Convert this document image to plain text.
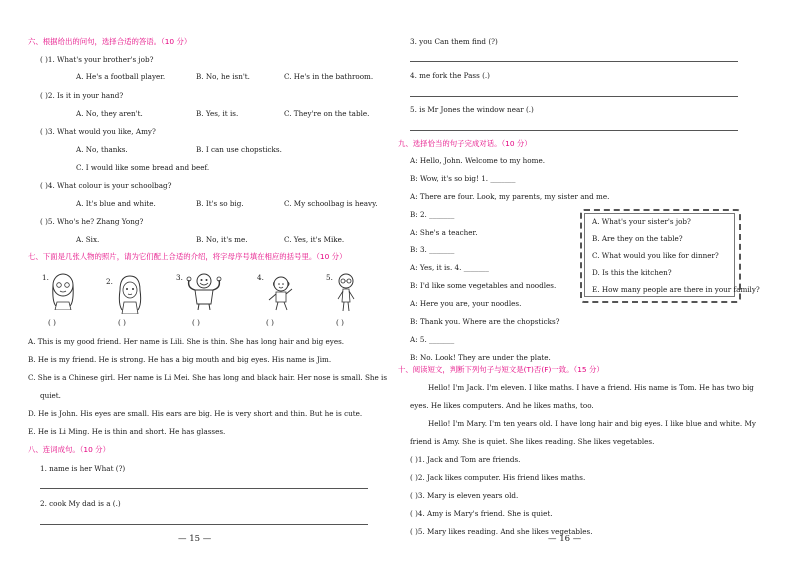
六、根据给出的问句，选择合适的答语。（10 分）
( )1. What's your brother's job?
A. He's a football player.	B. No, he isn't.	C. He's in the bathroom.
( )2. Is it in your hand?
A. No, they aren't.	B. Yes, it is.	C. They're on the table.
( )3. What would you like, Amy?
A. No, thanks.	B. I can use chopsticks.
C. I would like some bread and beef.
( )4. What colour is your schoolbag?
A. It's blue and white.	B. It's so big.	C. My schoolbag is heavy.
( )5. Who's he? Zhang Yong?
A. Six.	B. No, it's me.	C. Yes, it's Mike.
七、下面是几张人物的照片，请为它们配上合适的介绍，将字母序号填在相应的括号里。（10 分）
1.	2.	3.	4.	5.
( )	( )	( )	( )	( )
A. This is my good friend. Her name is Lili. She is thin. She has long hair and big eyes.
B. He is my friend. He is strong. He has a big mouth and big eyes. His name is Jim.
C. She is a Chinese girl. Her name is Li Mei. She has long and black hair. Her nose is small. She is
quiet.
D. He is John. His eyes are small. His ears are big. He is very short and thin. But he is cute.
E. He is Li Ming. He is thin and short. He has glasses.
八、连词成句。（10 分）
1. name is her What (?)
2. cook My dad is a (.)
— 15 —
3. you Can them find (?)
4. me fork the Pass (.)
5. is Mr Jones the window near (.)
九、选择恰当的句子完成对话。（10 分）
A: Hello, John. Welcome to my home.
B: Wow, it's so big! 1. _______
A: There are four. Look, my parents, my sister and me.
B: 2. _______
A: She's a teacher.
B: 3. _______
A: Yes, it is. 4. _______
B: I'd like some vegetables and noodles.
A: Here you are, your noodles.
B: Thank you. Where are the chopsticks?
A: 5. _______
B: No. Look! They are under the plate.
A. What's your sister's job?
B. Are they on the table?
C. What would you like for dinner?
D. Is this the kitchen?
E. How many people are there in your family?
十、阅读短文，判断下列句子与短文是(T)否(F)一致。（15 分）
Hello! I'm Jack. I'm eleven. I like maths. I have a friend. His name is Tom. He has two big
eyes. He likes computers. And he likes maths, too.
Hello! I'm Mary. I'm ten years old. I have long hair and big eyes. I like blue and white. My
friend is Amy. She is quiet. She likes reading. She likes vegetables.
( )1. Jack and Tom are friends.
( )2. Jack likes computer. His friend likes maths.
( )3. Mary is eleven years old.
( )4. Amy is Mary's friend. She is quiet.
( )5. Mary likes reading. And she likes vegetables.
— 16 —
